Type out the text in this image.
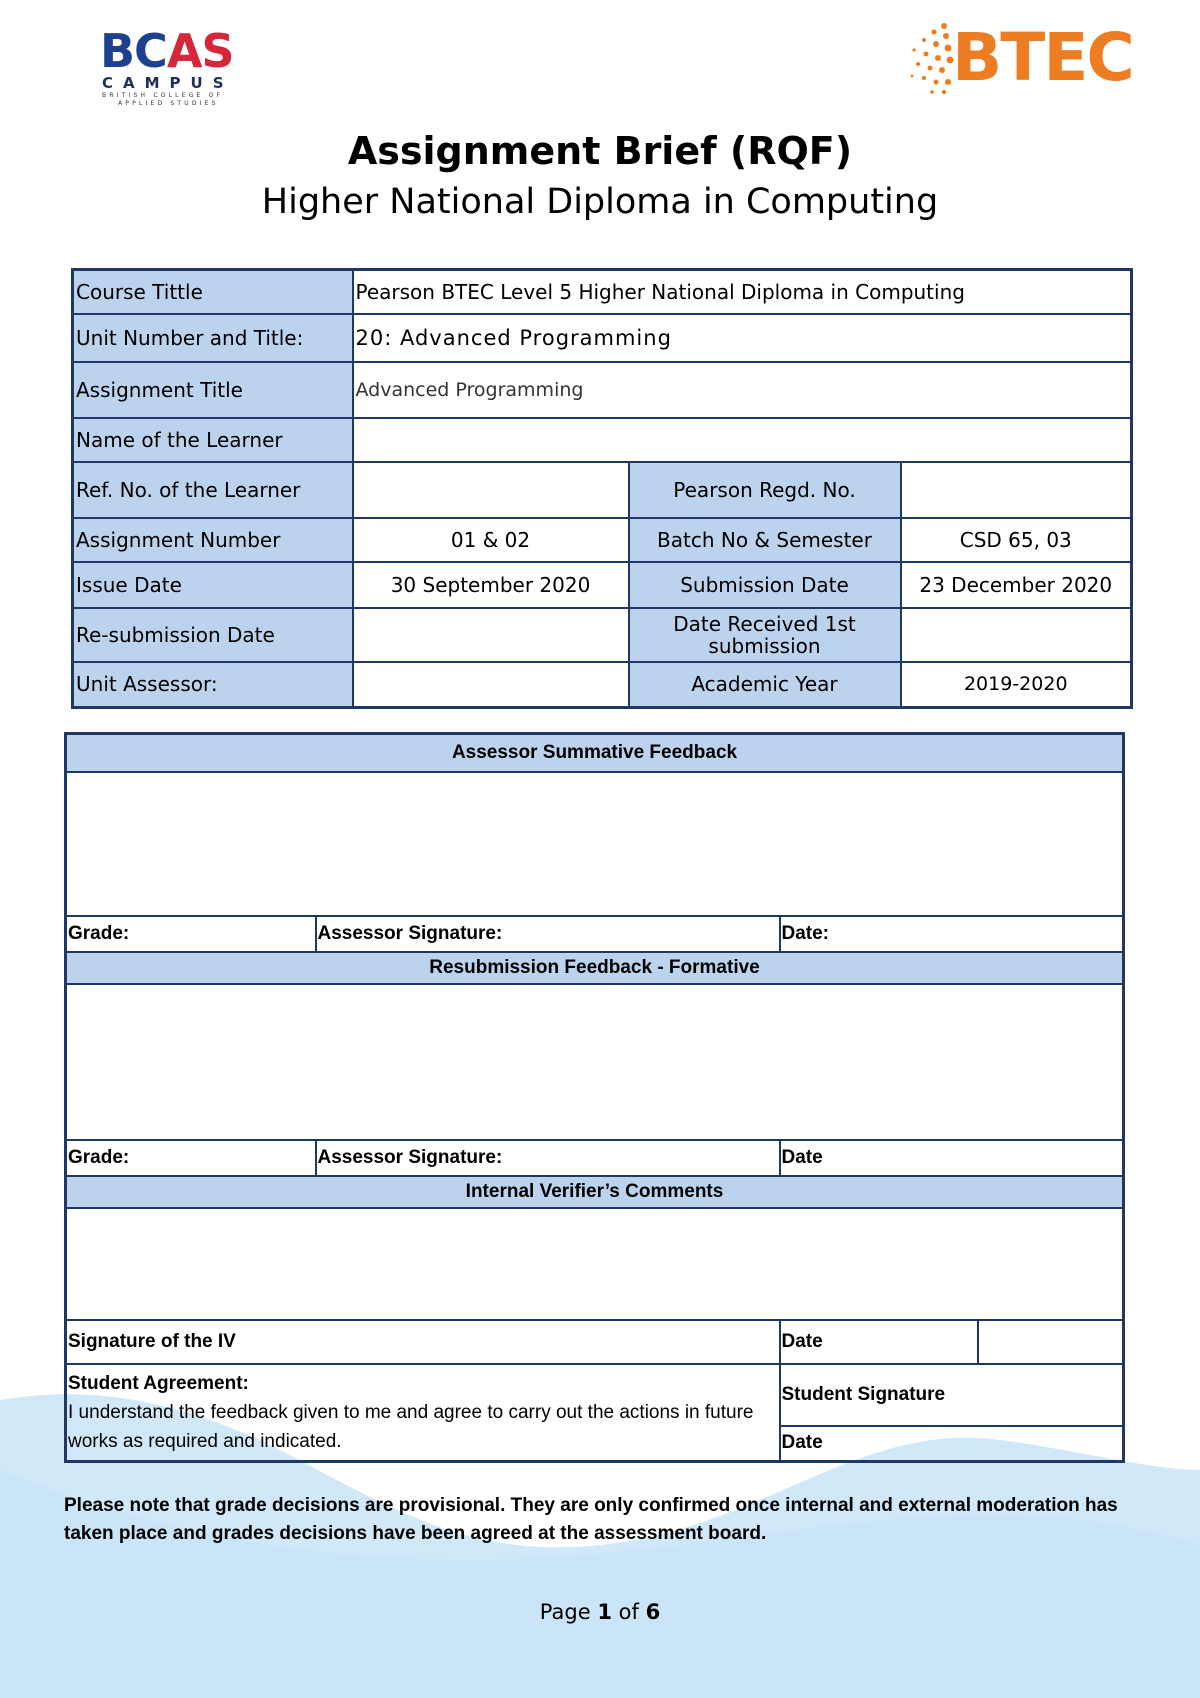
BCAS
CAMPUS
BRITISH COLLEGE OF
APPLIED STUDIES
BTEC
Assignment Brief (RQF)
Higher National Diploma in Computing
Course Tittle	Pearson BTEC Level 5 Higher National Diploma in Computing		
Unit Number and Title:	20: Advanced Programming		
Assignment Title	Advanced Programming		
Name of the Learner			
Ref. No. of the Learner		Pearson Regd. No.	
Assignment Number	01 & 02	Batch No & Semester	CSD 65, 03
Issue Date	30 September 2020	Submission Date	23 December 2020
Re-submission Date		Date Received 1st submission	
Unit Assessor:		Academic Year	2019-2020
Assessor Summative Feedback			

Grade:	Assessor Signature:	Date:	
Resubmission Feedback - Formative			

Grade:	Assessor Signature:	Date	
Internal Verifier’s Comments			

Signature of the IV		Date	

Student Agreement:
I understand the feedback given to me and agree to carry out the actions in future works as required and indicated.		Student Signature	
		Date	
Please note that grade decisions are provisional. They are only confirmed once internal and external moderation has taken place and grades decisions have been agreed at the assessment board.
Page 1 of 6
